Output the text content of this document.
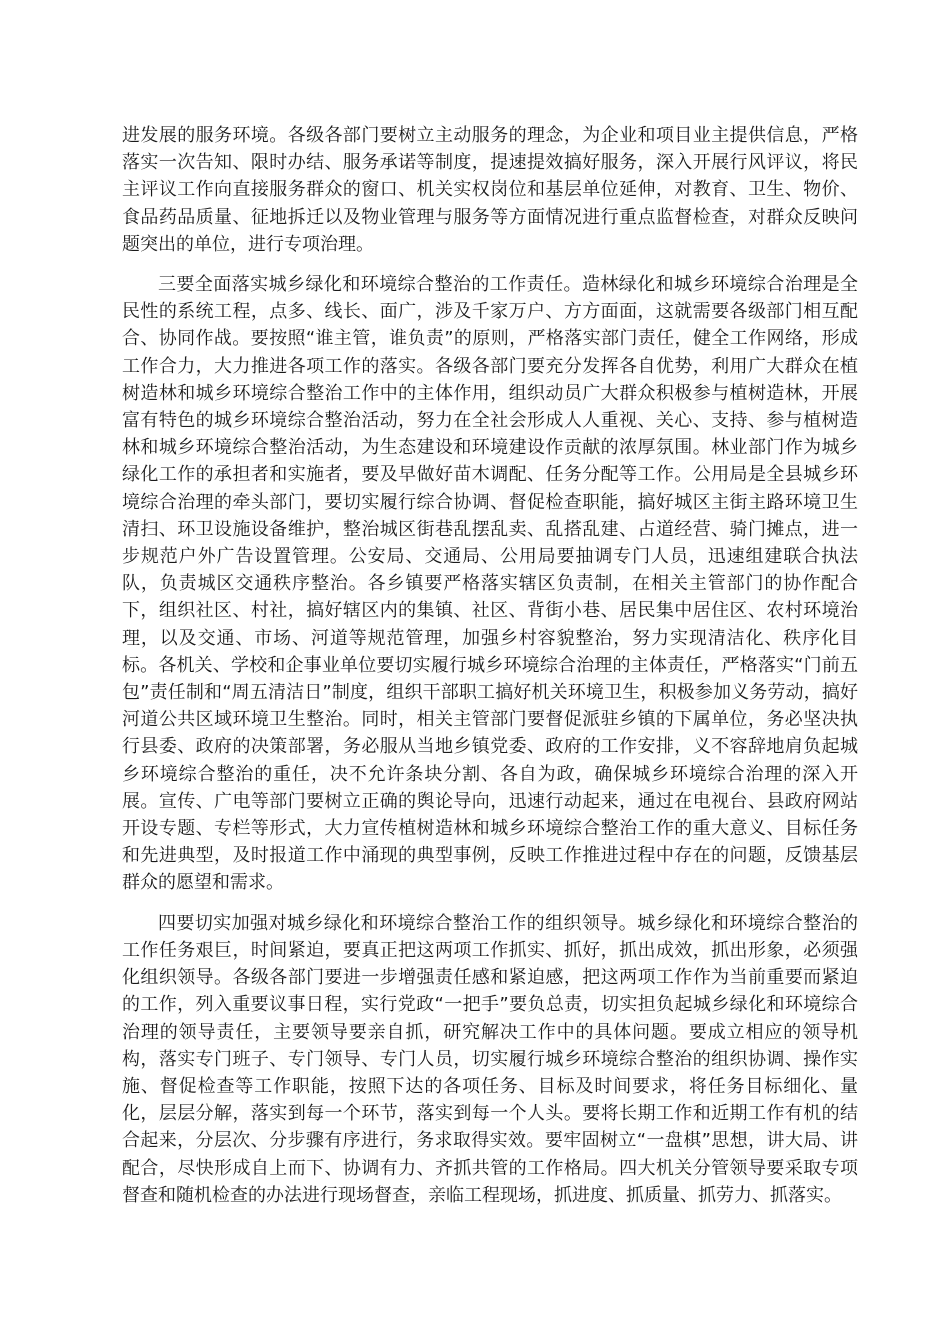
进发展的服务环境。各级各部门要树立主动服务的理念，为企业和项目业主提供信息，严格落实一次告知、限时办结、服务承诺等制度，提速提效搞好服务，深入开展行风评议，将民主评议工作向直接服务群众的窗口、机关实权岗位和基层单位延伸，对教育、卫生、物价、食品药品质量、征地拆迁以及物业管理与服务等方面情况进行重点监督检查，对群众反映问题突出的单位，进行专项治理。

三要全面落实城乡绿化和环境综合整治的工作责任。造林绿化和城乡环境综合治理是全民性的系统工程，点多、线长、面广，涉及千家万户、方方面面，这就需要各级部门相互配合、协同作战。要按照“谁主管，谁负责”的原则，严格落实部门责任，健全工作网络，形成工作合力，大力推进各项工作的落实。各级各部门要充分发挥各自优势，利用广大群众在植树造林和城乡环境综合整治工作中的主体作用，组织动员广大群众积极参与植树造林，开展富有特色的城乡环境综合整治活动，努力在全社会形成人人重视、关心、支持、参与植树造林和城乡环境综合整治活动，为生态建设和环境建设作贡献的浓厚氛围。林业部门作为城乡绿化工作的承担者和实施者，要及早做好苗木调配、任务分配等工作。公用局是全县城乡环境综合治理的牵头部门，要切实履行综合协调、督促检查职能，搞好城区主街主路环境卫生清扫、环卫设施设备维护，整治城区街巷乱摆乱卖、乱搭乱建、占道经营、骑门摊点，进一步规范户外广告设置管理。公安局、交通局、公用局要抽调专门人员，迅速组建联合执法队，负责城区交通秩序整治。各乡镇要严格落实辖区负责制，在相关主管部门的协作配合下，组织社区、村社，搞好辖区内的集镇、社区、背街小巷、居民集中居住区、农村环境治理，以及交通、市场、河道等规范管理，加强乡村容貌整治，努力实现清洁化、秩序化目标。各机关、学校和企事业单位要切实履行城乡环境综合治理的主体责任，严格落实“门前五包”责任制和“周五清洁日”制度，组织干部职工搞好机关环境卫生，积极参加义务劳动，搞好河道公共区域环境卫生整治。同时，相关主管部门要督促派驻乡镇的下属单位，务必坚决执行县委、政府的决策部署，务必服从当地乡镇党委、政府的工作安排，义不容辞地肩负起城乡环境综合整治的重任，决不允许条块分割、各自为政，确保城乡环境综合治理的深入开展。宣传、广电等部门要树立正确的舆论导向，迅速行动起来，通过在电视台、县政府网站开设专题、专栏等形式，大力宣传植树造林和城乡环境综合整治工作的重大意义、目标任务和先进典型，及时报道工作中涌现的典型事例，反映工作推进过程中存在的问题，反馈基层群众的愿望和需求。

四要切实加强对城乡绿化和环境综合整治工作的组织领导。城乡绿化和环境综合整治的工作任务艰巨，时间紧迫，要真正把这两项工作抓实、抓好，抓出成效，抓出形象，必须强化组织领导。各级各部门要进一步增强责任感和紧迫感，把这两项工作作为当前重要而紧迫的工作，列入重要议事日程，实行党政“一把手”要负总责，切实担负起城乡绿化和环境综合治理的领导责任，主要领导要亲自抓，研究解决工作中的具体问题。要成立相应的领导机构，落实专门班子、专门领导、专门人员，切实履行城乡环境综合整治的组织协调、操作实施、督促检查等工作职能，按照下达的各项任务、目标及时间要求，将任务目标细化、量化，层层分解，落实到每一个环节，落实到每一个人头。要将长期工作和近期工作有机的结合起来，分层次、分步骤有序进行，务求取得实效。要牢固树立“一盘棋”思想，讲大局、讲配合，尽快形成自上而下、协调有力、齐抓共管的工作格局。四大机关分管领导要采取专项督查和随机检查的办法进行现场督查，亲临工程现场，抓进度、抓质量、抓劳力、抓落实。
